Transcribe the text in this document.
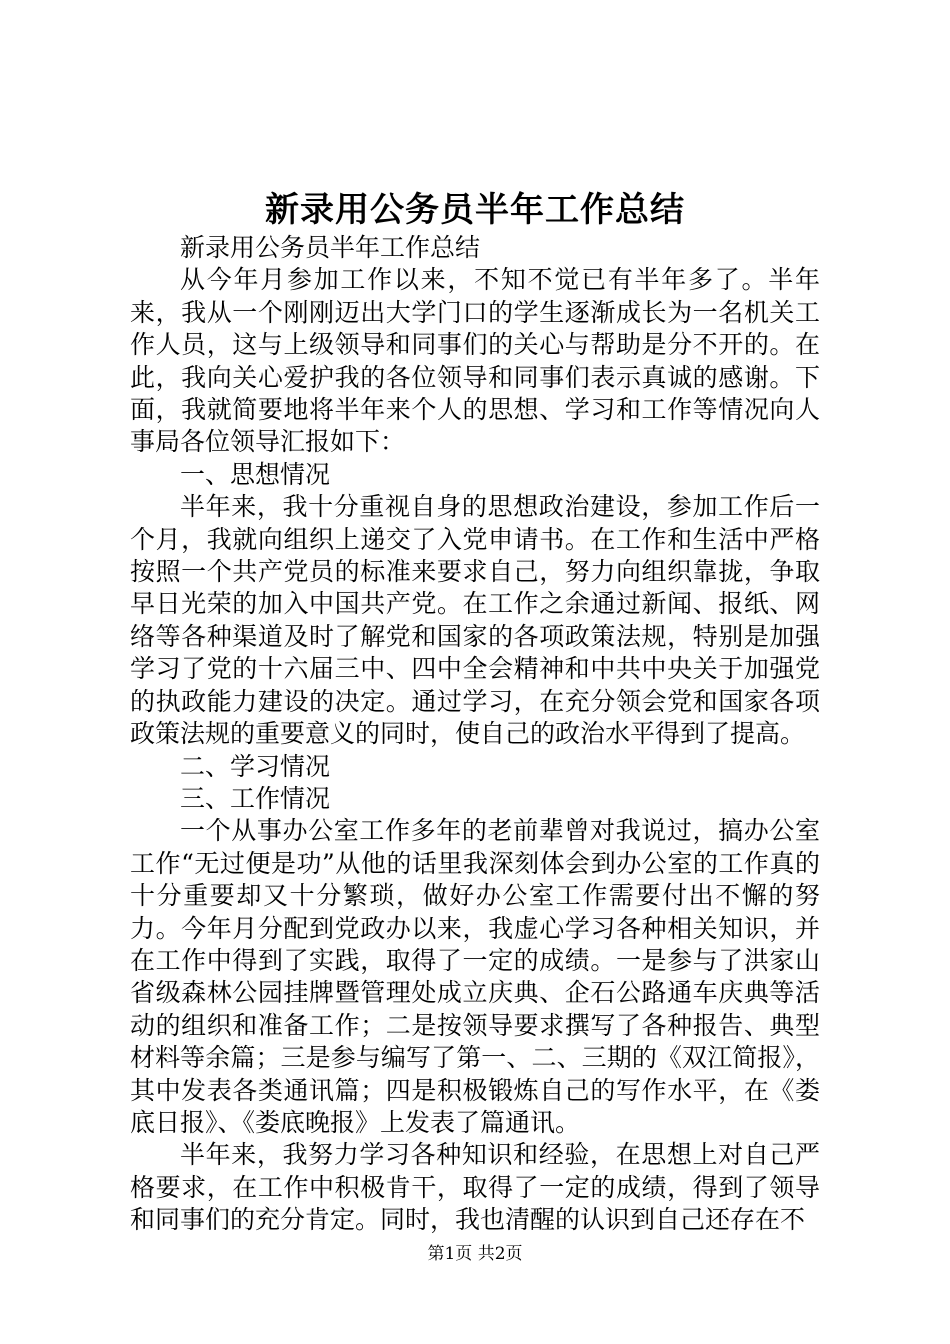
新录用公务员半年工作总结

新录用公务员半年工作总结

从今年月参加工作以来，不知不觉已有半年多了。半年来，我从一个刚刚迈出大学门口的学生逐渐成长为一名机关工作人员，这与上级领导和同事们的关心与帮助是分不开的。在此，我向关心爱护我的各位领导和同事们表示真诚的感谢。下面，我就简要地将半年来个人的思想、学习和工作等情况向人事局各位领导汇报如下：

一、思想情况

半年来，我十分重视自身的思想政治建设，参加工作后一个月，我就向组织上递交了入党申请书。在工作和生活中严格按照一个共产党员的标准来要求自己，努力向组织靠拢，争取早日光荣的加入中国共产党。在工作之余通过新闻、报纸、网络等各种渠道及时了解党和国家的各项政策法规，特别是加强学习了党的十六届三中、四中全会精神和中共中央关于加强党的执政能力建设的决定。通过学习，在充分领会党和国家各项政策法规的重要意义的同时，使自己的政治水平得到了提高。

二、学习情况

三、工作情况

一个从事办公室工作多年的老前辈曾对我说过，搞办公室工作“无过便是功”从他的话里我深刻体会到办公室的工作真的十分重要却又十分繁琐，做好办公室工作需要付出不懈的努力。今年月分配到党政办以来，我虚心学习各种相关知识，并在工作中得到了实践，取得了一定的成绩。一是参与了洪家山省级森林公园挂牌暨管理处成立庆典、企石公路通车庆典等活动的组织和准备工作；二是按领导要求撰写了各种报告、典型材料等余篇；三是参与编写了第一、二、三期的《双江简报》，其中发表各类通讯篇；四是积极锻炼自己的写作水平，在《娄底日报》、《娄底晚报》上发表了篇通讯。

半年来，我努力学习各种知识和经验，在思想上对自己严格要求，在工作中积极肯干，取得了一定的成绩，得到了领导和同事们的充分肯定。同时，我也清醒的认识到自己还存在不

第1页 共2页
